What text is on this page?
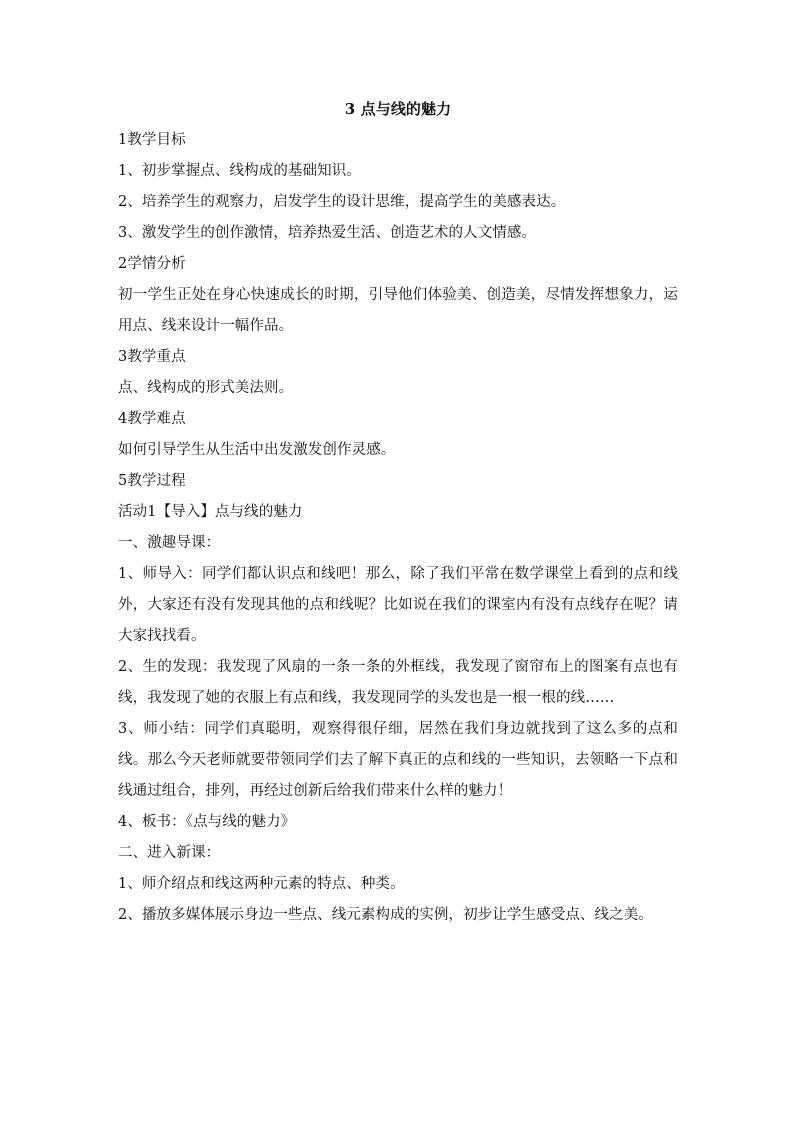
3 点与线的魅力

1教学目标

1、初步掌握点、线构成的基础知识。

2、培养学生的观察力，启发学生的设计思维，提高学生的美感表达。

3、激发学生的创作激情，培养热爱生活、创造艺术的人文情感。

2学情分析

初一学生正处在身心快速成长的时期，引导他们体验美、创造美，尽情发挥想象力，运用点、线来设计一幅作品。

3教学重点

点、线构成的形式美法则。

4教学难点

如何引导学生从生活中出发激发创作灵感。

5教学过程

活动1【导入】点与线的魅力

一、激趣导课：

1、师导入：同学们都认识点和线吧！那么，除了我们平常在数学课堂上看到的点和线外，大家还有没有发现其他的点和线呢？比如说在我们的课室内有没有点线存在呢？请大家找找看。

2、生的发现：我发现了风扇的一条一条的外框线，我发现了窗帘布上的图案有点也有线，我发现了她的衣服上有点和线，我发现同学的头发也是一根一根的线……

3、师小结：同学们真聪明，观察得很仔细，居然在我们身边就找到了这么多的点和线。那么今天老师就要带领同学们去了解下真正的点和线的一些知识，去领略一下点和线通过组合，排列，再经过创新后给我们带来什么样的魅力！

4、板书：《点与线的魅力》

二、进入新课：

1、师介绍点和线这两种元素的特点、种类。

2、播放多媒体展示身边一些点、线元素构成的实例，初步让学生感受点、线之美。
